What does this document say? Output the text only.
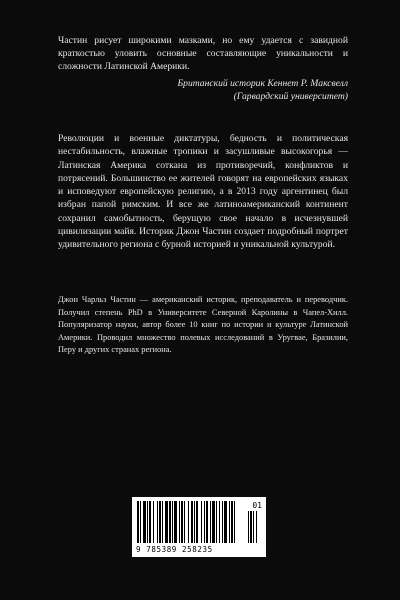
Частин рисует широкими мазками, но ему удается с завидной краткостью уловить основные составляющие уникальности и сложности Латинской Америки.
Британский историк Кеннет Р. Максвелл
(Гарвардский университет)
Революции и военные диктатуры, бедность и политическая нестабильность, влажные тропики и засушливые высокогорья — Латинская Америка соткана из противоречий, конфликтов и потрясений. Большинство ее жителей говорят на европейских языках и исповедуют европейскую религию, а в 2013 году аргентинец был избран папой римским. И все же латиноамериканский континент сохранил самобытность, берущую свое начало в исчезнувшей цивилизации майя. Историк Джон Частин создает подробный портрет удивительного региона с бурной историей и уникальной культурой.
Джон Чарльз Частин — американский историк, преподаватель и переводчик. Получил степень PhD в Университете Северной Каролины в Чапел-Хилл. Популяризатор науки, автор более 10 книг по истории и культуре Латинской Америки. Проводил множество полевых исследований в Уругвае, Бразилии, Перу и других странах региона.
01
9 785389 258235
